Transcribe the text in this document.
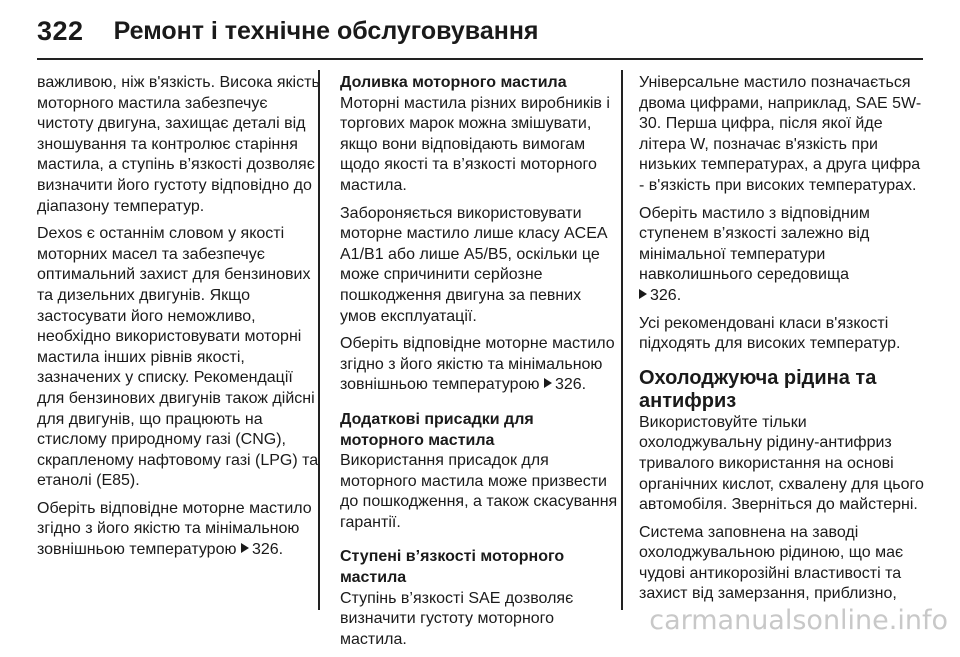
322 Ремонт і технічне обслуговування

важливою, ніж в'язкість. Висока якість моторного мастила забезпечує чистоту двигуна, захищає деталі від зношування та контролює старіння мастила, а ступінь в’язкості дозволяє визначити його густоту відповідно до діапазону температур.

Dexos є останнім словом у якості моторних масел та забезпечує оптимальний захист для бензинових та дизельних двигунів. Якщо застосувати його неможливо, необхідно використовувати моторні мастила інших рівнів якості, зазначених у списку. Рекомендації для бензинових двигунів також дійсні для двигунів, що працюють на стисломy природному газі (CNG), скрапленому нафтовому газі (LPG) та етанолі (E85).

Оберіть відповідне моторне мастило згідно з його якістю та мінімальною зовнішньою температурою 326.

Доливка моторного мастила

Моторні мастила різних виробників і торгових марок можна змішувати, якщо вони відповідають вимогам щодо якості та в’язкості моторного мастила.

Забороняється використовувати моторне мастило лише класу ACEA A1/B1 або лише A5/B5, оскільки це може спричинити серйозне пошкодження двигуна за певних умов експлуатації.

Оберіть відповідне моторне мастило згідно з його якістю та мінімальною зовнішньою температурою 326.

Додаткові присадки для моторного мастила

Використання присадок для моторного мастила може призвести до пошкодження, а також скасування гарантії.

Ступені в’язкості моторного мастила

Ступінь в’язкості SAE дозволяє визначити густоту моторного мастила.

Універсальне мастило позначається двома цифрами, наприклад, SAE 5W-30. Перша цифра, після якої йде літера W, позначає в'язкість при низьких температурах, а друга цифра - в'язкість при високих температурах.

Оберіть мастило з відповідним ступенем в’язкості залежно від мінімальної температури навколишнього середовища
326.

Усі рекомендовані класи в'язкості підходять для високих температур.

Охолоджуюча рідина та антифриз

Використовуйте тільки охолоджувальну рідину-антифриз тривалого використання на основі органічних кислот, схвалену для цього автомобіля. Зверніться до майстерні.

Система заповнена на заводі охолоджувальною рідиною, що має чудові антикорозійні властивості та захист від замерзання, приблизно,

carmanualsonline.info
